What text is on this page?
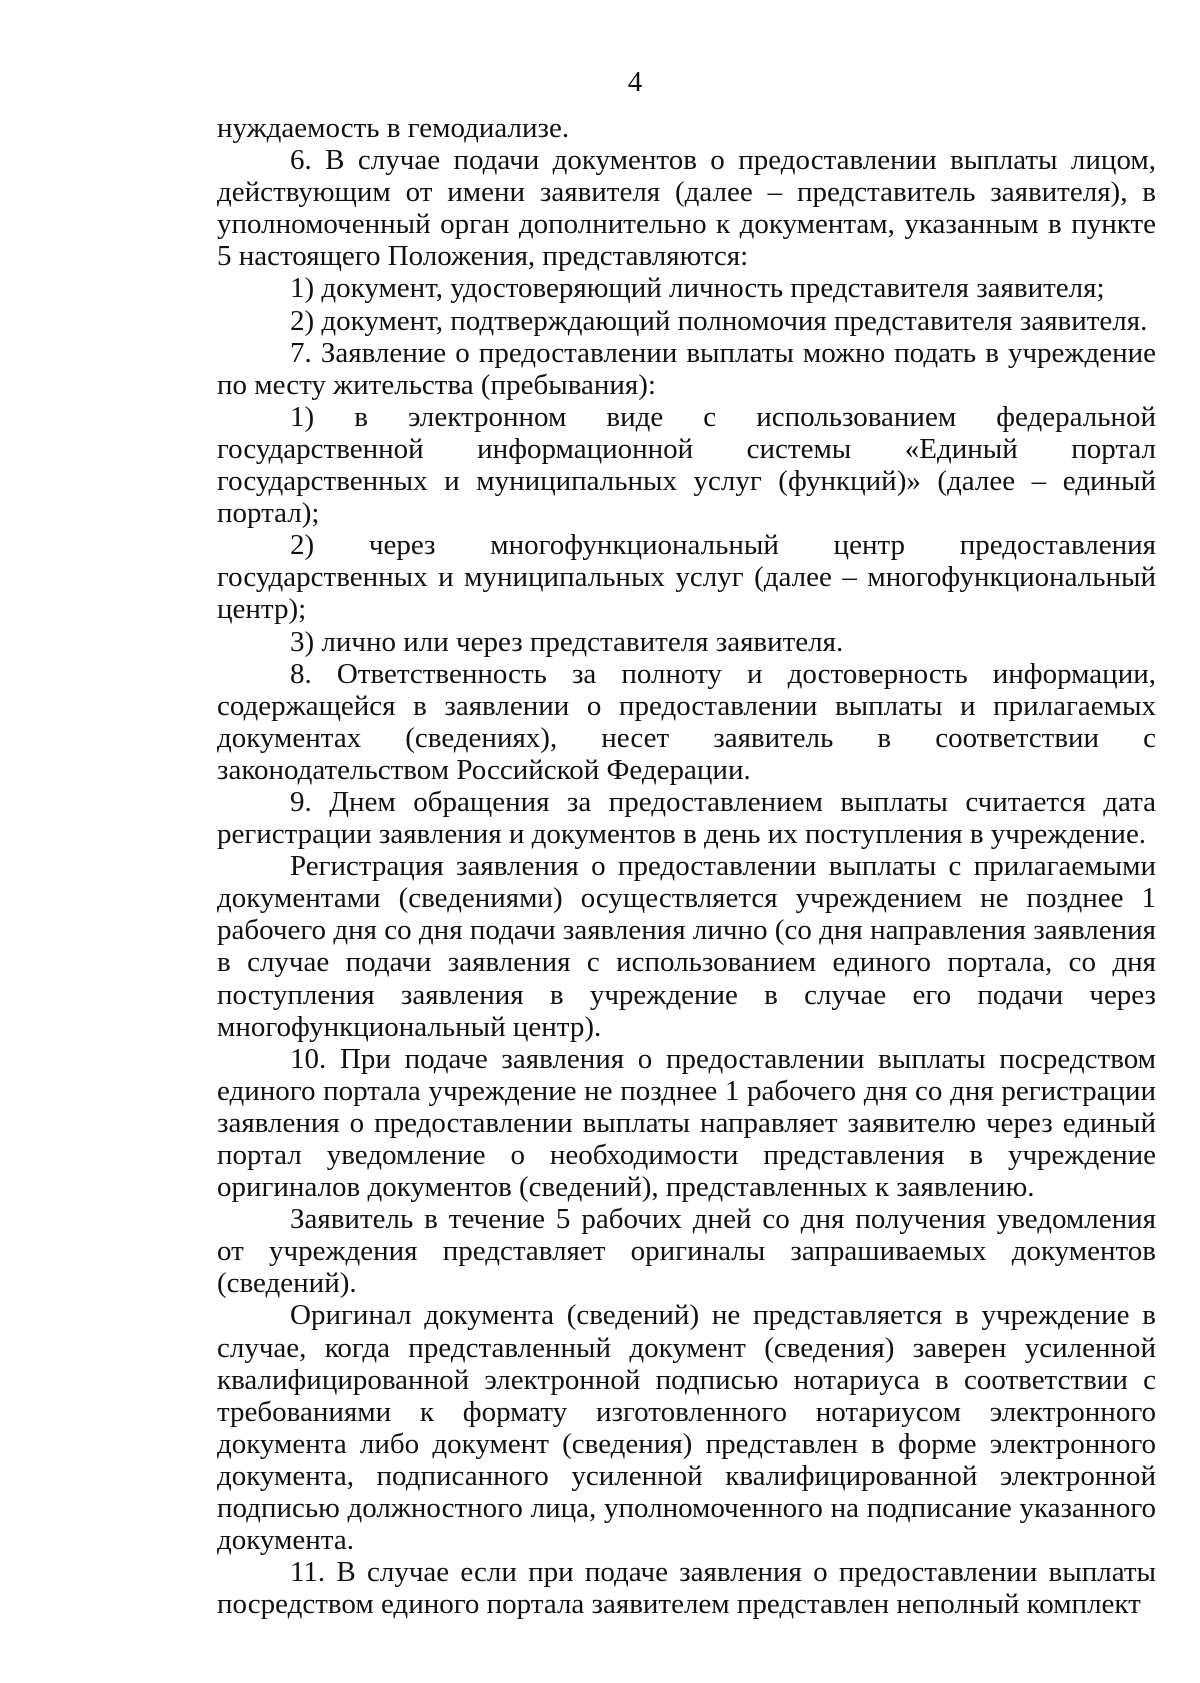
4

нуждаемость в гемодиализе.

6. В случае подачи документов о предоставлении выплаты лицом, действующим от имени заявителя (далее – представитель заявителя), в уполномоченный орган дополнительно к документам, указанным в пункте 5 настоящего Положения, представляются:

1) документ, удостоверяющий личность представителя заявителя;

2) документ, подтверждающий полномочия представителя заявителя.

7. Заявление о предоставлении выплаты можно подать в учреждение по месту жительства (пребывания):

1) в электронном виде с использованием федеральной государственной информационной системы «Единый портал государственных и муниципальных услуг (функций)» (далее – единый портал);

2) через многофункциональный центр предоставления государственных и муниципальных услуг (далее – многофункциональный центр);

3) лично или через представителя заявителя.

8. Ответственность за полноту и достоверность информации, содержащейся в заявлении о предоставлении выплаты и прилагаемых документах (сведениях), несет заявитель в соответствии с законодательством Российской Федерации.

9. Днем обращения за предоставлением выплаты считается дата регистрации заявления и документов в день их поступления в учреждение.

Регистрация заявления о предоставлении выплаты с прилагаемыми документами (сведениями) осуществляется учреждением не позднее 1 рабочего дня со дня подачи заявления лично (со дня направления заявления в случае подачи заявления с использованием единого портала, со дня поступления заявления в учреждение в случае его подачи через многофункциональный центр).

10. При подаче заявления о предоставлении выплаты посредством единого портала учреждение не позднее 1 рабочего дня со дня регистрации заявления о предоставлении выплаты направляет заявителю через единый портал уведомление о необходимости представления в учреждение оригиналов документов (сведений), представленных к заявлению.

Заявитель в течение 5 рабочих дней со дня получения уведомления от учреждения представляет оригиналы запрашиваемых документов (сведений).

Оригинал документа (сведений) не представляется в учреждение в случае, когда представленный документ (сведения) заверен усиленной квалифицированной электронной подписью нотариуса в соответствии с требованиями к формату изготовленного нотариусом электронного документа либо документ (сведения) представлен в форме электронного документа, подписанного усиленной квалифицированной электронной подписью должностного лица, уполномоченного на подписание указанного документа.

11. В случае если при подаче заявления о предоставлении выплаты посредством единого портала заявителем представлен неполный комплект
